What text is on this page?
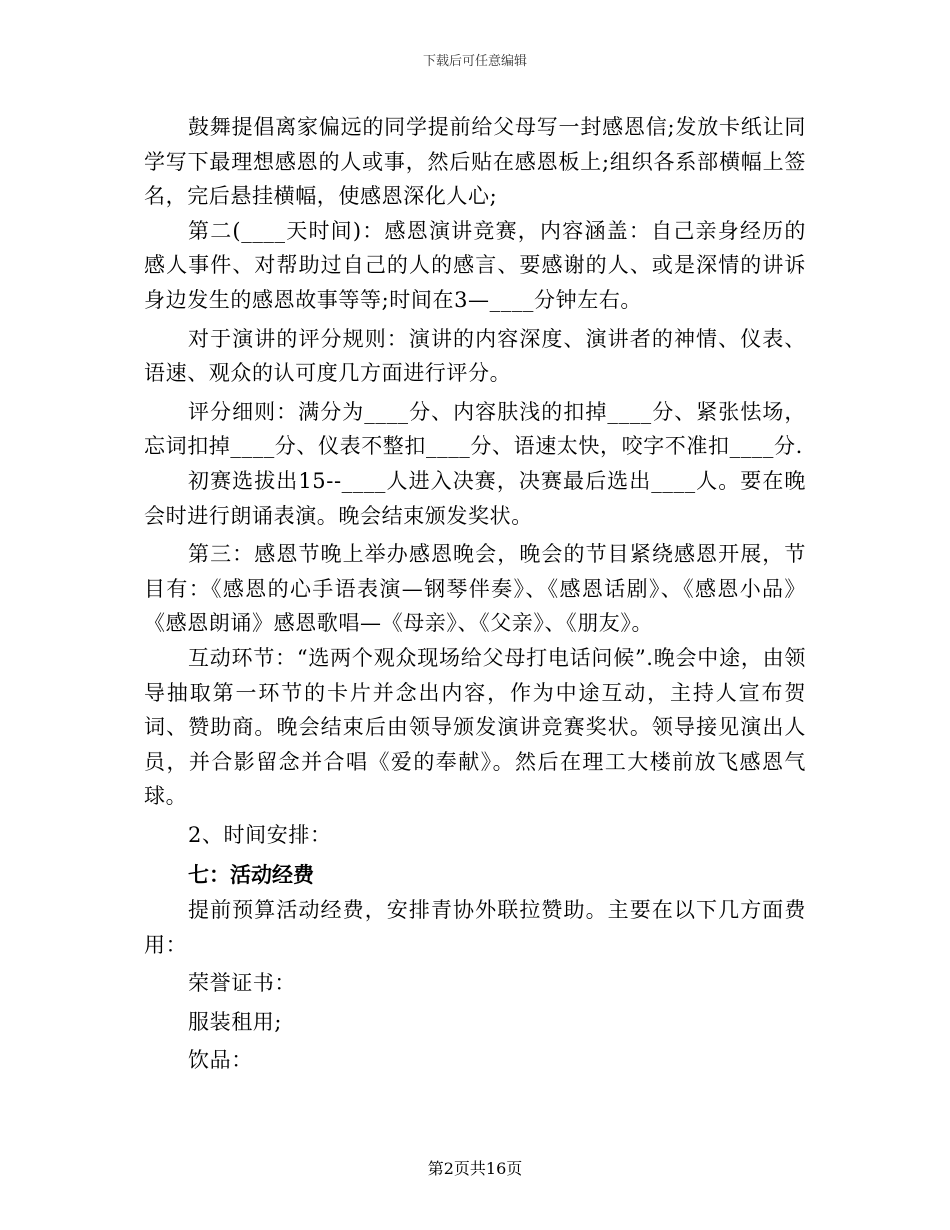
下载后可任意编辑

鼓舞提倡离家偏远的同学提前给父母写一封感恩信;发放卡纸让同学写下最理想感恩的人或事，然后贴在感恩板上;组织各系部横幅上签名，完后悬挂横幅，使感恩深化人心;

第二(____天时间)：感恩演讲竞赛，内容涵盖：自己亲身经历的感人事件、对帮助过自己的人的感言、要感谢的人、或是深情的讲诉身边发生的感恩故事等等;时间在3—____分钟左右。

对于演讲的评分规则：演讲的内容深度、演讲者的神情、仪表、语速、观众的认可度几方面进行评分。

评分细则：满分为____分、内容肤浅的扣掉____分、紧张怯场，忘词扣掉____分、仪表不整扣____分、语速太快，咬字不准扣____分.

初赛选拔出15--____人进入决赛，决赛最后选出____人。要在晚会时进行朗诵表演。晚会结束颁发奖状。

第三：感恩节晚上举办感恩晚会，晚会的节目紧绕感恩开展，节目有：《感恩的心手语表演—钢琴伴奏》、《感恩话剧》、《感恩小品》《感恩朗诵》感恩歌唱—《母亲》、《父亲》、《朋友》。

互动环节：“选两个观众现场给父母打电话问候”.晚会中途，由领导抽取第一环节的卡片并念出内容，作为中途互动，主持人宣布贺词、赞助商。晚会结束后由领导颁发演讲竞赛奖状。领导接见演出人员，并合影留念并合唱《爱的奉献》。然后在理工大楼前放飞感恩气球。

2、时间安排：
七：活动经费

提前预算活动经费，安排青协外联拉赞助。主要在以下几方面费用：

荣誉证书：
服装租用;
饮品：
第2页共16页
